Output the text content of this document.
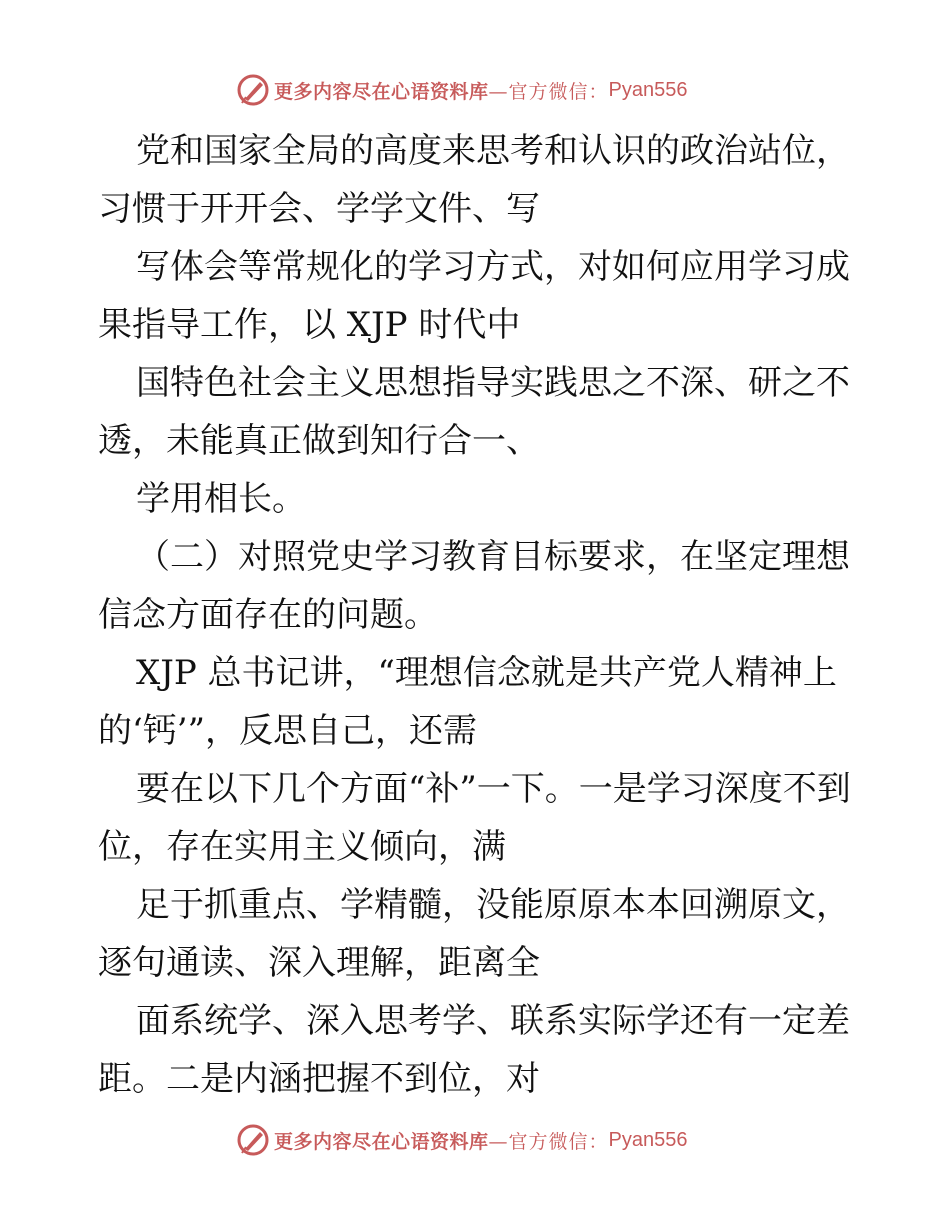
更多内容尽在心语资料库 —官方微信： Pyan556

党和国家全局的高度来思考和认识的政治站位，习惯于开开会、学学文件、写

写体会等常规化的学习方式，对如何应用学习成果指导工作，以 XJP 时代中

国特色社会主义思想指导实践思之不深、研之不透，未能真正做到知行合一、

学用相长。

（二）对照党史学习教育目标要求，在坚定理想信念方面存在的问题。

XJP 总书记讲，“理想信念就是共产党人精神上的‘钙’”，反思自己，还需

要在以下几个方面“补”一下。一是学习深度不到位，存在实用主义倾向，满

足于抓重点、学精髓，没能原原本本回溯原文，逐句通读、深入理解，距离全

面系统学、深入思考学、联系实际学还有一定差距。二是内涵把握不到位，对

更多内容尽在心语资料库 —官方微信： Pyan556
